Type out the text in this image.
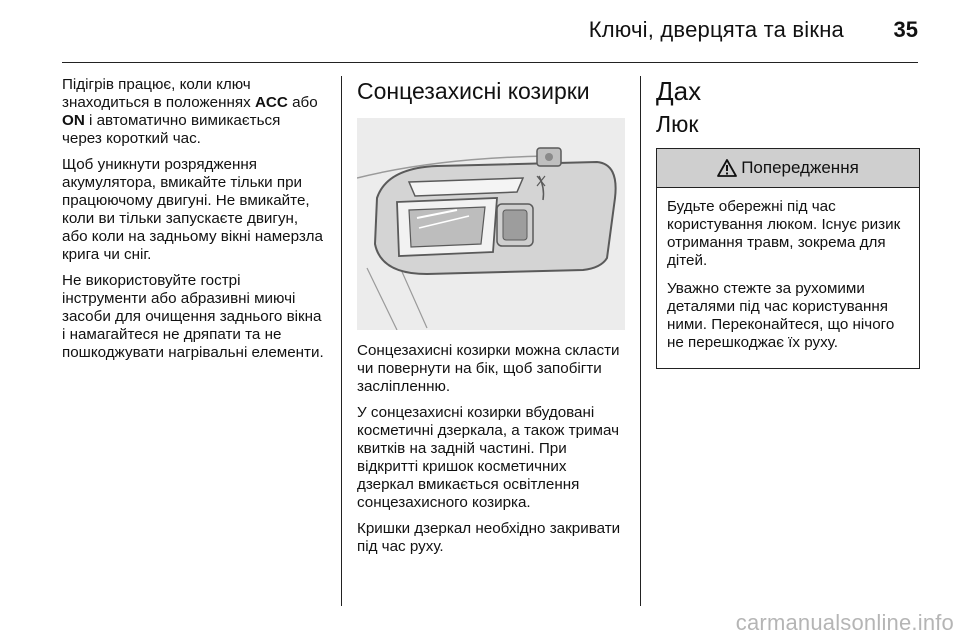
Ключі, дверцята та вікна 35

Підігрів працює, коли ключ знаходиться в положеннях ACC або ON і автоматично вимикається через короткий час.

Щоб уникнути розрядження акумулятора, вмикайте тільки при працюючому двигуні. Не вмикайте, коли ви тільки запускаєте двигун, або коли на задньому вікні намерзла крига чи сніг.

Не використовуйте гострі інструменти або абразивні миючі засоби для очищення заднього вікна і намагайтеся не дряпати та не пошкоджувати нагрівальні елементи.

Сонцезахисні козирки

Сонцезахисні козирки можна скласти чи повернути на бік, щоб запобігти засліпленню.

У сонцезахисні козирки вбудовані косметичні дзеркала, а також тримач квитків на задній частині. При відкритті кришок косметичних дзеркал вмикається освітлення сонцезахисного козирка.

Кришки дзеркал необхідно закривати під час руху.

Дах
Люк
Попередження

Будьте обережні під час користування люком. Існує ризик отримання травм, зокрема для дітей.

Уважно стежте за рухомими деталями під час користування ними. Переконайтеся, що нічого не перешкоджає їх руху.

carmanualsonline.info
